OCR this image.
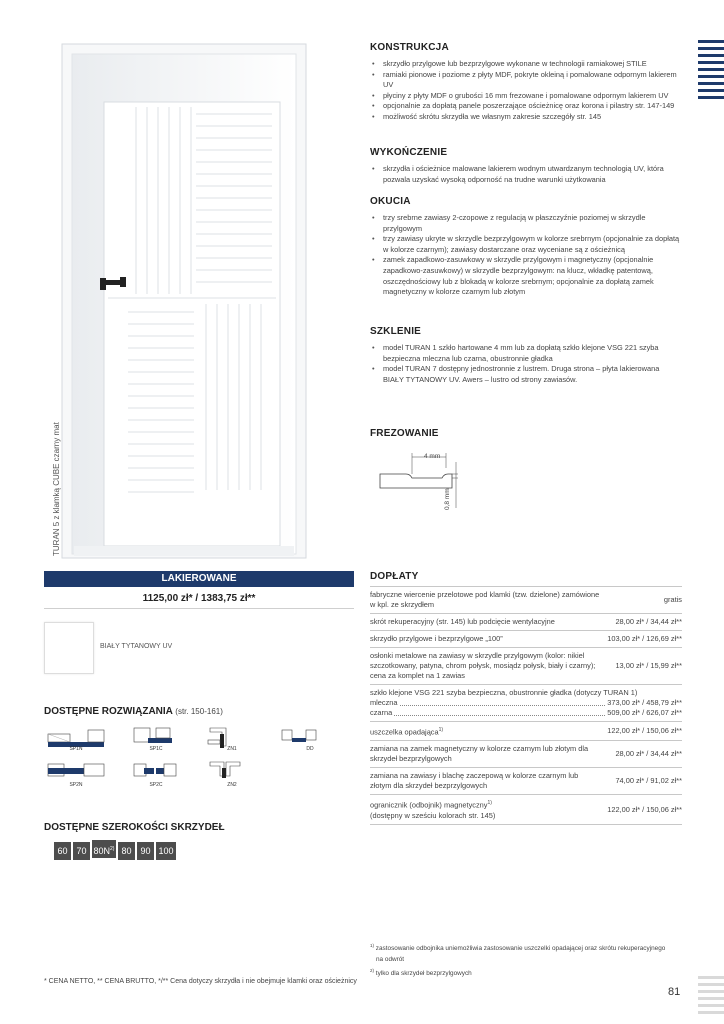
TURAN 5 z klamką CUBE czarny mat
LAKIEROWANE
1125,00 zł* / 1383,75 zł**
BIAŁY TYTANOWY UV
DOSTĘPNE ROZWIĄZANIA (str. 150-161)
SP1N	SP1C	ZN1	DD
SP2N	SP2C	ZN2
DOSTĘPNE SZEROKOŚCI SKRZYDEŁ
60 70 $80N^{2)}$ 80 90 100
* CENA NETTO, ** CENA BRUTTO, */** Cena dotyczy skrzydła i nie obejmuje klamki oraz ościeżnicy
KONSTRUKCJA
• skrzydło przylgowe lub bezprzylgowe wykonane w technologii ramiakowej STILE
• ramiaki pionowe i poziome z płyty MDF, pokryte okleiną i pomalowane odpornym lakierem UV
• płyciny z płyty MDF o grubości 16 mm frezowane i pomalowane odpornym lakierem UV
• opcjonalnie za dopłatą panele poszerzające ościeżnicę oraz korona i pilastry str. 147-149
• możliwość skrótu skrzydła we własnym zakresie szczegóły str. 145
WYKOŃCZENIE
• skrzydła i ościeżnice malowane lakierem wodnym utwardzanym technologią UV, która pozwala uzyskać wysoką odporność na trudne warunki użytkowania
OKUCIA
• trzy srebrne zawiasy 2-czopowe z regulacją w płaszczyźnie poziomej w skrzydle przylgowym
• trzy zawiasy ukryte w skrzydle bezprzylgowym w kolorze srebrnym (opcjonalnie za dopłatą w kolorze czarnym); zawiasy dostarczane oraz wyceniane są z ościeżnicą
• zamek zapadkowo-zasuwkowy w skrzydle przylgowym i magnetyczny (opcjonalnie zapadkowo-zasuwkowy) w skrzydle bezprzylgowym: na klucz, wkładkę patentową, oszczędnościowy lub z blokadą w kolorze srebrnym; opcjonalnie za dopłatą zamek magnetyczny w kolorze czarnym lub złotym
SZKLENIE
• model TURAN 1 szkło hartowane 4 mm lub za dopłatą szkło klejone VSG 221 szyba bezpieczna mleczna lub czarna, obustronnie gładka
• model TURAN 7 dostępny jednostronnie z lustrem. Druga strona – płyta lakierowana BIAŁY TYTANOWY UV. Awers – lustro od strony zawiasów.
FREZOWANIE
4 mm
0,8 mm
DOPŁATY
fabryczne wiercenie przelotowe pod klamki (tzw. dzielone) zamówione w kpl. ze skrzydłem	gratis
skrót rekuperacyjny (str. 145) lub podcięcie wentylacyjne	28,00 zł* / 34,44 zł**
skrzydło przylgowe i bezprzylgowe „100”	103,00 zł* / 126,69 zł**
osłonki metalowe na zawiasy w skrzydle przylgowym (kolor: nikiel szczotkowany, patyna, chrom połysk, mosiądz połysk, biały i czarny); cena za komplet na 1 zawias	13,00 zł* / 15,99 zł**

szkło klejone VSG 221 szyba bezpieczna, obustronnie gładka (dotyczy TURAN 1)
mleczna 373,00 zł* / 458,79 zł**
czarna 509,00 zł* / 626,07 zł**	

uszczelka opadająca$^{1)}$	122,00 zł* / 150,06 zł**
zamiana na zamek magnetyczny w kolorze czarnym lub złotym dla skrzydeł bezprzylgowych	28,00 zł* / 34,44 zł**
zamiana na zawiasy i blachę zaczepową w kolorze czarnym lub złotym dla skrzydeł bezprzylgowych	74,00 zł* / 91,02 zł**
ogranicznik (odbojnik) magnetyczny$^{1)}$
(dostępny w sześciu kolorach str. 145)	122,00 zł* / 150,06 zł**
$^{1)}$ zastosowanie odbojnika uniemożliwia zastosowanie uszczelki opadającej oraz skrótu rekuperacyjnego
na odwrót
$^{2)}$ tylko dla skrzydeł bezprzylgowych
81
